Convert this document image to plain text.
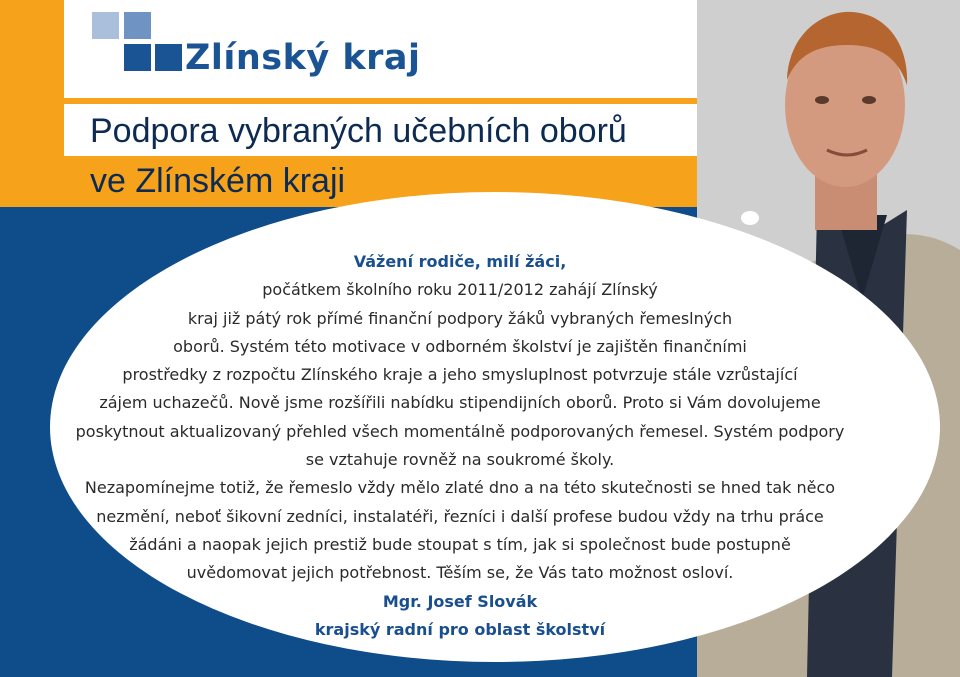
Zlínský kraj
Podpora vybraných učebních oborů
ve Zlínském kraji

Vážení rodiče, milí žáci,

počátkem školního roku 2011/2012 zahájí Zlínský

kraj již pátý rok přímé finanční podpory žáků vybraných řemeslných

oborů. Systém této motivace v odborném školství je zajištěn finančními

prostředky z rozpočtu Zlínského kraje a jeho smysluplnost potvrzuje stále vzrůstající

zájem uchazečů. Nově jsme rozšířili nabídku stipendijních oborů. Proto si Vám dovolujeme

poskytnout aktualizovaný přehled všech momentálně podporovaných řemesel. Systém podpory

se vztahuje rovněž na soukromé školy.

Nezapomínejme totiž, že řemeslo vždy mělo zlaté dno a na této skutečnosti se hned tak něco

nezmění, neboť šikovní zedníci, instalatéři, řezníci i další profese budou vždy na trhu práce

žádáni a naopak jejich prestiž bude stoupat s tím, jak si společnost bude postupně

uvědomovat jejich potřebnost. Těším se, že Vás tato možnost osloví.

Mgr. Josef Slovák

krajský radní pro oblast školství
